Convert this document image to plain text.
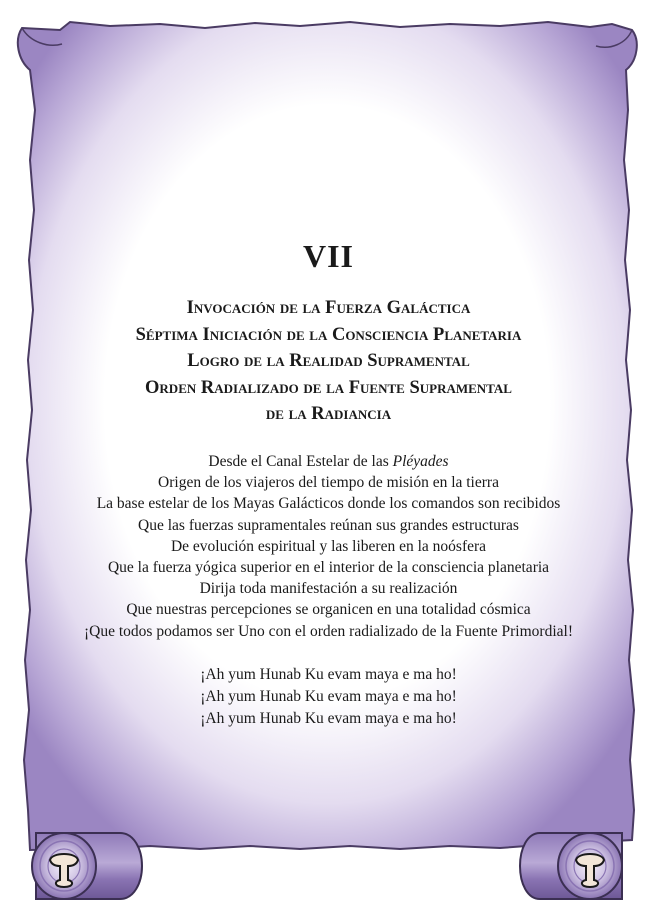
VII
Invocación de la Fuerza Galáctica
Séptima Iniciación de la Consciencia Planetaria
Logro de la Realidad Supramental
Orden Radializado de la Fuente Supramental
de la Radiancia
Desde el Canal Estelar de las Pléyades
Origen de los viajeros del tiempo de misión en la tierra
La base estelar de los Mayas Galácticos donde los comandos son recibidos
Que las fuerzas supramentales reúnan sus grandes estructuras
De evolución espiritual y las liberen en la noósfera
Que la fuerza yógica superior en el interior de la consciencia planetaria
Dirija toda manifestación a su realización
Que nuestras percepciones se organicen en una totalidad cósmica
¡Que todos podamos ser Uno con el orden radializado de la Fuente Primordial!
¡Ah yum Hunab Ku evam maya e ma ho!
¡Ah yum Hunab Ku evam maya e ma ho!
¡Ah yum Hunab Ku evam maya e ma ho!
